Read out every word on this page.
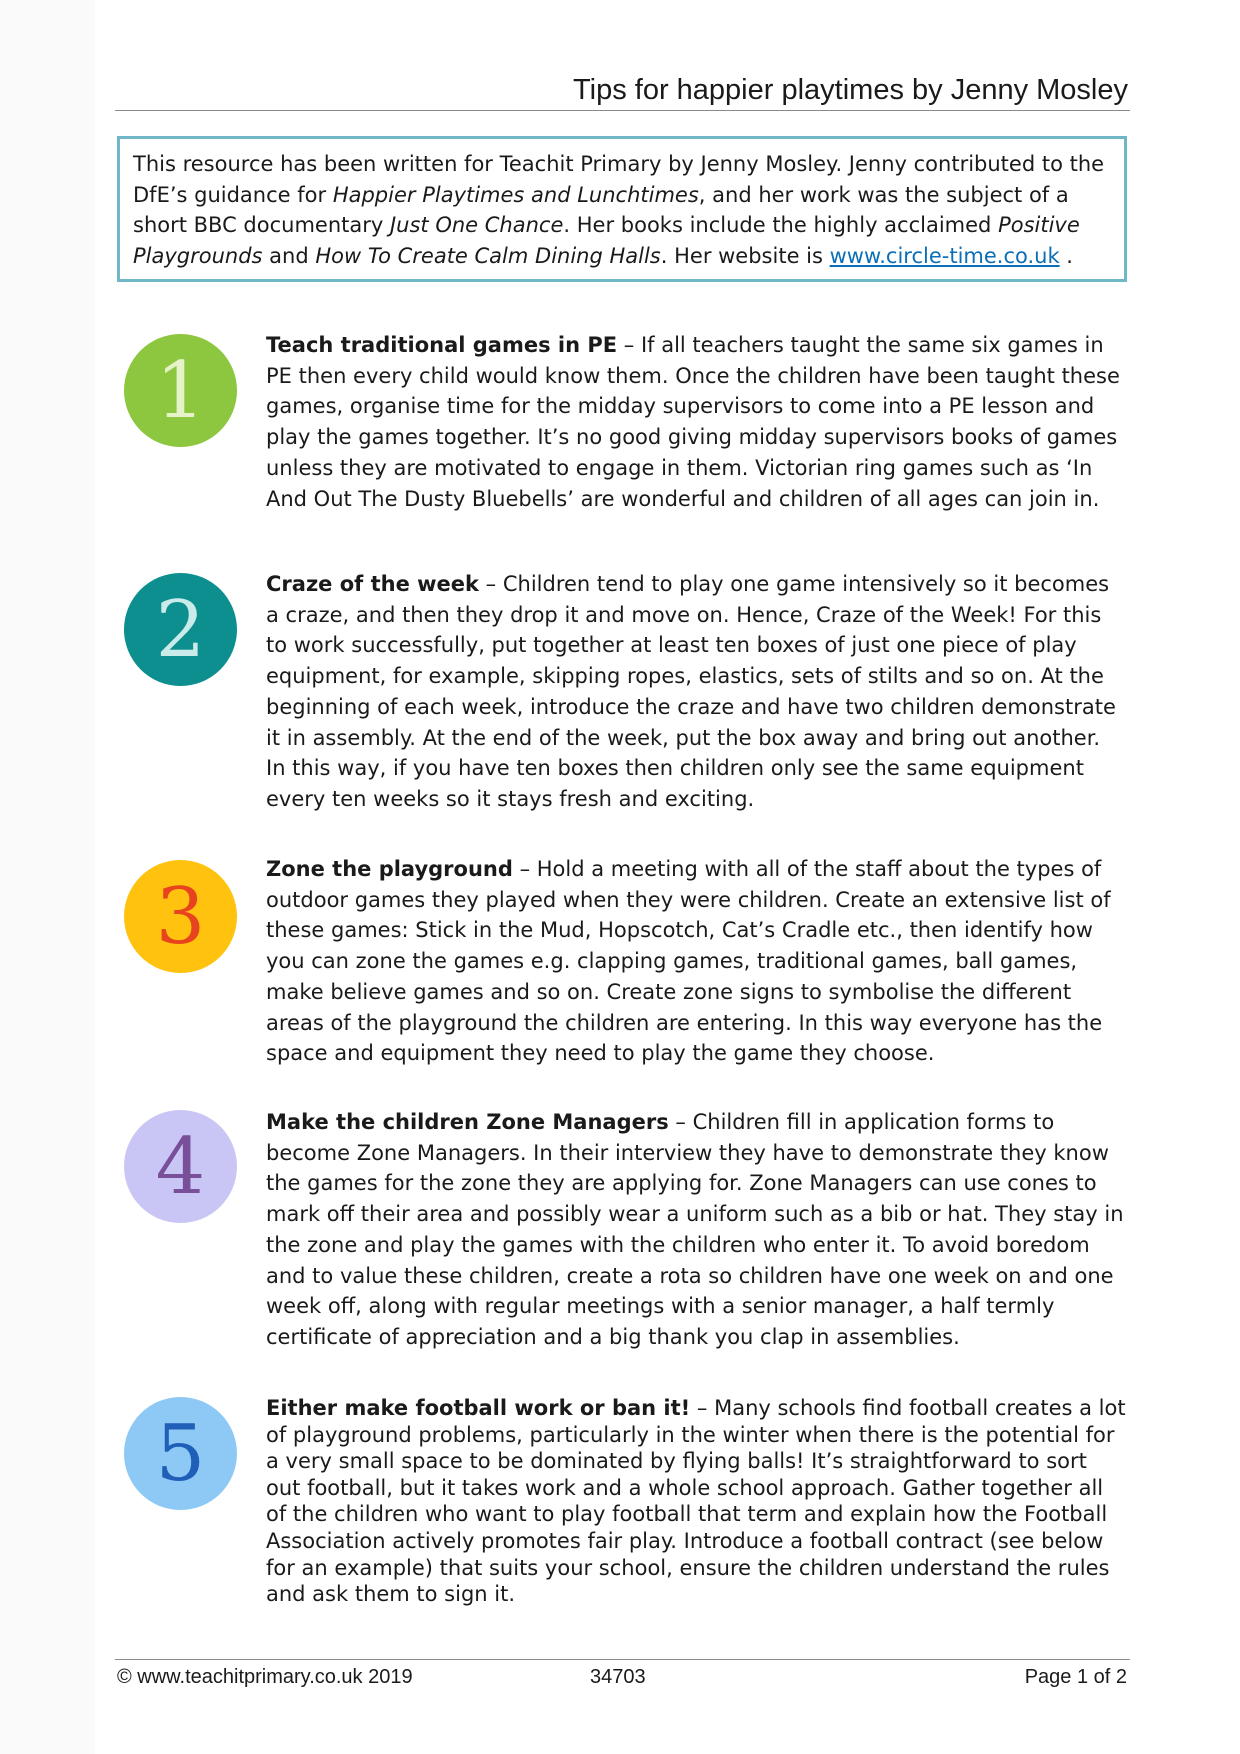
Tips for happier playtimes by Jenny Mosley
This resource has been written for Teachit Primary by Jenny Mosley. Jenny contributed to the DfE’s guidance for Happier Playtimes and Lunchtimes, and her work was the subject of a short BBC documentary Just One Chance. Her books include the highly acclaimed Positive Playgrounds and How To Create Calm Dining Halls. Her website is www.circle-time.co.uk .
1
Teach traditional games in PE – If all teachers taught the same six games in PE then every child would know them. Once the children have been taught these games, organise time for the midday supervisors to come into a PE lesson and play the games together. It’s no good giving midday supervisors books of games unless they are motivated to engage in them. Victorian ring games such as ‘In And Out The Dusty Bluebells’ are wonderful and children of all ages can join in.
2
Craze of the week – Children tend to play one game intensively so it becomes a craze, and then they drop it and move on. Hence, Craze of the Week! For this to work successfully, put together at least ten boxes of just one piece of play equipment, for example, skipping ropes, elastics, sets of stilts and so on. At the beginning of each week, introduce the craze and have two children demonstrate it in assembly. At the end of the week, put the box away and bring out another. In this way, if you have ten boxes then children only see the same equipment every ten weeks so it stays fresh and exciting.
3
Zone the playground – Hold a meeting with all of the staff about the types of outdoor games they played when they were children. Create an extensive list of these games: Stick in the Mud, Hopscotch, Cat’s Cradle etc., then identify how you can zone the games e.g. clapping games, traditional games, ball games, make believe games and so on. Create zone signs to symbolise the different areas of the playground the children are entering. In this way everyone has the space and equipment they need to play the game they choose.
4	Make the children Zone Managers – Children fill in application forms to become Zone Managers. In their interview they have to demonstrate they know the games for the zone they are applying for. Zone Managers can use cones to mark off their area and possibly wear a uniform such as a bib or hat. They stay in the zone and play the games with the children who enter it. To avoid boredom and to value these children, create a rota so children have one week on and one week off, along with regular meetings with a senior manager, a half termly certificate of appreciation and a big thank you clap in assemblies.
5
Either make football work or ban it! – Many schools find football creates a lot of playground problems, particularly in the winter when there is the potential for a very small space to be dominated by flying balls! It’s straightforward to sort out football, but it takes work and a whole school approach. Gather together all of the children who want to play football that term and explain how the Football Association actively promotes fair play. Introduce a football contract (see below for an example) that suits your school, ensure the children understand the rules and ask them to sign it.
© www.teachitprimary.co.uk 2019	34703	Page 1 of 2
